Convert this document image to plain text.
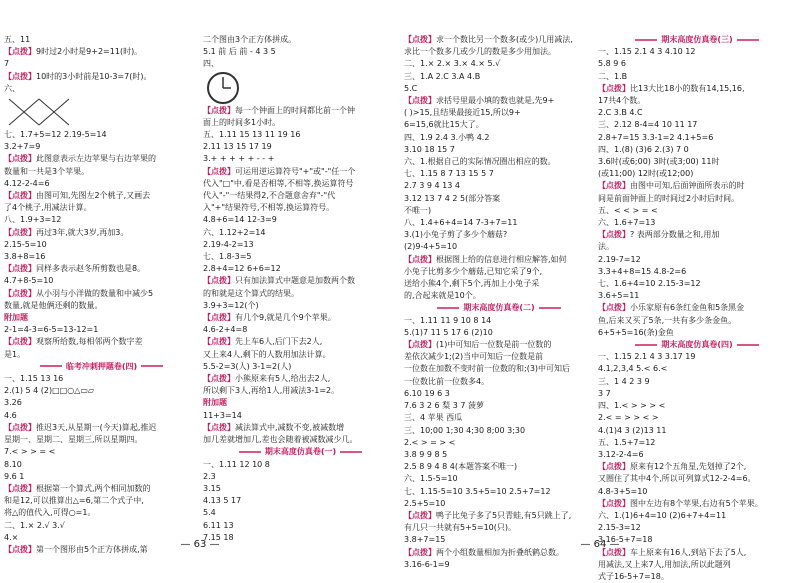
五、11
【点拨】9时过2小时是9+2=11(时)。
7
【点拨】10时的3小时前是10-3=7(时)。
六、
七、1.7+5=12 2.19-5=14
3.2+7=9
【点拨】此图意表示左边苹果与右边苹果的
数量和一共是3个苹果。
4.12-2-4=6
【点拨】由图可知,先图左2个桃子,又画去
了4个桃子,用减法计算。
八、1.9+3=12
【点拨】再过3年,就大3岁,再加3。
2.15-5=10
3.8+8=16
【点拨】同样多表示赵冬所剪数也是8。
4.7+8-5=10
【点拨】从小羽与小洋做的数量和中减少5
数量,就是他俩还剩的数量。
附加题
2-1=4-3=6-5=13-12=1
【点拨】观察所给数,每相邻两个数字差
是1。
临考冲刺押题卷(四)
一、1.15 13 16
2.(1) 5 4 (2)□□○△▭▱
3.26
4.6
【点拨】推迟3天,从星期一(今天)算起,推迟
星期一、星期二、星期三,所以星期四。
7.< > > = <
8.10
9.6 1
【点拨】根据第一个算式,两个相同加数的
和是12,可以推算出△=6,第二个式子中,
将△的值代入,可得○=1。
二、1.× 2.√ 3.√
4.×
【点拨】第一个图形由5个正方体拼成,第
二个图由3个正方体拼成。
5.1 前 后 前 - 4 3 5
四、
【点拨】每一个钟面上的时间都比前一个钟
面上的时间多1小时。
五、1.11 15 13 11 19 16
2.11 13 15 17 19
3.+ + + + + - - +
【点拨】可运用逆运算符号"+"或"-"任一个
代入"□"中,看是否相等,不相等,换运算符号
代入"-"一结果得2,不合题意舍弃"-"代
入"+"结果符号,不相等,换运算符号。
4.8+6=14 12-3=9
六、1.12+2=14
2.19-4-2=13
七、1.8-3=5
2.8+4=12 6+6=12
【点拨】只有加法算式中题意是加数两个数
的和就是这个算式的结果。
3.9+3=12(个)
【点拨】有几个9,就是几个9个苹果。
4.6-2+4=8
【点拨】先上车6人,后门下去2人,
又上来4人,剩下的人数用加法计算。
5.5-2=3(人) 3-1=2(人)
【点拨】小熊原来有5人,给出去2人,
所以剩下3人,再给1人,用减法3-1=2。
附加题
11+3=14
【点拨】减法算式中,减数不变,被减数增
加几差就增加几,差也会随着被减数减少几。
期末高度仿真卷(一)
一、1.11 12 10 8
2.3
3.15
4.13 5 17
5.4
6.11 13
7.15 18
— 63 —
【点拨】求一个数比另一个数多(或少)几用减法,
求比一个数多几或少几的数是多少用加法。
二、1.× 2.× 3.× 4.× 5.√
三、1.A 2.C 3.A 4.B
5.C
【点拨】求括号里最小填的数也就是,先9+
( )>15,且结果最接近15,所以9+
6=15,6就比15大了。
四、1.9 2.4 3.小鸭 4.2
3.10 18 15 7
六、1.根据自己的实际情况圈出相应的数。
七、1.15 8 7 13 15 5 7
2.7 3 9 4 13 4
3.12 13 7 4 2 5(部分答案
不唯一)
八、1.4+6+4=14 7-3+7=11
3.(1)小兔子剪了多少个蘑菇?
(2)9-4+5=10
【点拨】根据图上给的信息进行相应解答,如何
小兔子比剪多少个蘑菇,已知它采了9个,
送给小熊4个,剩下5个,再加上小兔子采
的,合起来就是10个。
期末高度仿真卷(二)
一、1.11 11 9 10 8 14
5.(1)7 11 5 17 6 (2)10
【点拨】(1)中可知后一位数是前一位数的
差依次减少1;(2)当中可知后一位数是前
一位数在加数不变时前一位数的和;(3)中可知后
一位数比前一位数多4。
6.10 19 6 3
7.6 3 2 6 梨 3 7 菠萝
三、4 苹果 西瓜
三、10;00 1;30 4;30 8;00 3;30
2.< > = > <
3.8 9 9 8 5
2.5 8 9 4 8 4(本题答案不唯一)
六、1.5-5=10
七、1.15-5=10 3.5+5=10 2.5+7=12
2.5+5=10
【点拨】鸭子比兔子多了5只青蛙,有5只跳上了,
有几只一共就有5+5=10(只)。
3.8+7=15
【点拨】两个小组数量相加为折叠纸鹤总数。
3.16-6-1=9
期末高度仿真卷(三)
一、1.15 2.1 4 3 4.10 12
5.8 9 6
二、1.B
【点拨】比13大比18小的数有14,15,16,
17共4个数。
2.C 3.B 4.C
三、2.12 8-4=4 10 11 17
2.8+7=15 3.3-1=2 4.1+5=6
四、1.(8) (3)6 2.(3) 7 0
3.6时(或6;00) 3时(或3;00) 11时
(或11;00) 12时(或12;00)
【点拨】由图中可知,后面钟面所表示的时
间是前面钟面上的时间过2小时后时间。
五、< < > = <
六、1.6+7=13
【点拨】? 表两部分数量之和,用加
法。
2.19-7=12
3.3+4+8=15 4.8-2=6
七、1.6+4=10 2.15-3=12
3.6+5=11
【点拨】小乐家原有6条红金鱼和5条黑金
鱼,后来又买了5条,一共有多少条金鱼。
6+5+5=16(条)金鱼
期末高度仿真卷(四)
一、1.15 2.1 4 3 3.17 19
4.1,2,3,4 5.< 6.<
三、1 4 2 3 9
3 7
四、1.< > > > <
2.< = > > < >
4.(1)4 3 (2)13 11
五、1.5+7=12
3.12-2-4=6
【点拨】原来有12个五角星,先划掉了2个,
又圈住了其中4个,所以可列算式12-2-4=6。
4.8-3+5=10
【点拨】图中左边有8个苹果,右边有5个苹果。
六、1.(1)6+4=10 (2)6+7+4=11
2.15-3=12
3.16-5+7=18
【点拨】车上原来有16人,到站下去了5人,
用减法,又上来7人,用加法,所以此题列
式子16-5+7=18。
— 64 —
